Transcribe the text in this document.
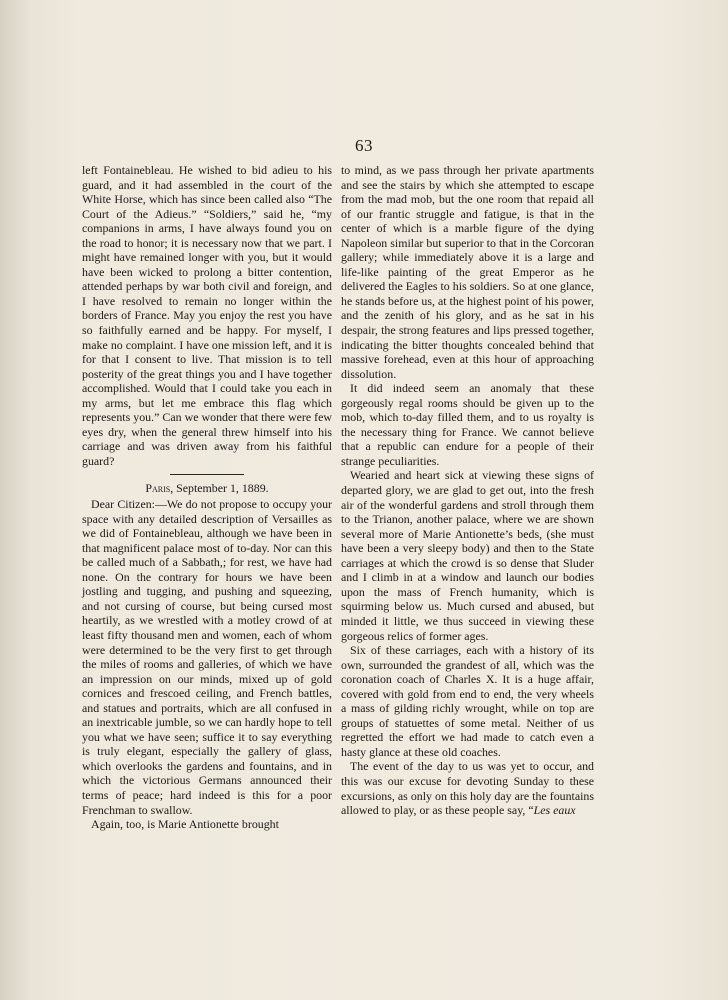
63

left Fontainebleau. He wished to bid adieu to his guard, and it had assembled in the court of the White Horse, which has since been called also “The Court of the Adieus.” “Soldiers,” said he, “my companions in arms, I have always found you on the road to honor; it is necessary now that we part. I might have remained longer with you, but it would have been wicked to prolong a bitter contention, attended perhaps by war both civil and foreign, and I have resolved to remain no longer within the borders of France. May you enjoy the rest you have so faithfully earned and be happy. For myself, I make no complaint. I have one mission left, and it is for that I consent to live. That mission is to tell posterity of the great things you and I have together accomplished. Would that I could take you each in my arms, but let me embrace this flag which represents you.” Can we wonder that there were few eyes dry, when the general threw himself into his carriage and was driven away from his faithful guard?

Paris, September 1, 1889.

Dear Citizen:—We do not propose to occupy your space with any detailed description of Versailles as we did of Fontainebleau, although we have been in that magnificent palace most of to-day. Nor can this be called much of a Sabbath,; for rest, we have had none. On the contrary for hours we have been jostling and tugging, and pushing and squeezing, and not cursing of course, but being cursed most heartily, as we wrestled with a motley crowd of at least fifty thousand men and women, each of whom were determined to be the very first to get through the miles of rooms and galleries, of which we have an impression on our minds, mixed up of gold cornices and frescoed ceiling, and French battles, and statues and portraits, which are all confused in an inextricable jumble, so we can hardly hope to tell you what we have seen; suffice it to say everything is truly elegant, especially the gallery of glass, which overlooks the gardens and fountains, and in which the victorious Germans announced their terms of peace; hard indeed is this for a poor Frenchman to swallow.

Again, too, is Marie Antionette brought

to mind, as we pass through her private apartments and see the stairs by which she attempted to escape from the mad mob, but the one room that repaid all of our frantic struggle and fatigue, is that in the center of which is a marble figure of the dying Napoleon similar but superior to that in the Corcoran gallery; while immediately above it is a large and life-like painting of the great Emperor as he delivered the Eagles to his soldiers. So at one glance, he stands before us, at the highest point of his power, and the zenith of his glory, and as he sat in his despair, the strong features and lips pressed together, indicating the bitter thoughts concealed behind that massive forehead, even at this hour of approaching dissolution.

It did indeed seem an anomaly that these gorgeously regal rooms should be given up to the mob, which to-day filled them, and to us royalty is the necessary thing for France. We cannot believe that a republic can endure for a people of their strange peculiarities.

Wearied and heart sick at viewing these signs of departed glory, we are glad to get out, into the fresh air of the wonderful gardens and stroll through them to the Trianon, another palace, where we are shown several more of Marie Antionette’s beds, (she must have been a very sleepy body) and then to the State carriages at which the crowd is so dense that Sluder and I climb in at a window and launch our bodies upon the mass of French humanity, which is squirming below us. Much cursed and abused, but minded it little, we thus succeed in viewing these gorgeous relics of former ages.

Six of these carriages, each with a history of its own, surrounded the grandest of all, which was the coronation coach of Charles X. It is a huge affair, covered with gold from end to end, the very wheels a mass of gilding richly wrought, while on top are groups of statuettes of some metal. Neither of us regretted the effort we had made to catch even a hasty glance at these old coaches.

The event of the day to us was yet to occur, and this was our excuse for devoting Sunday to these excursions, as only on this holy day are the fountains allowed to play, or as these people say, “Les eaux
